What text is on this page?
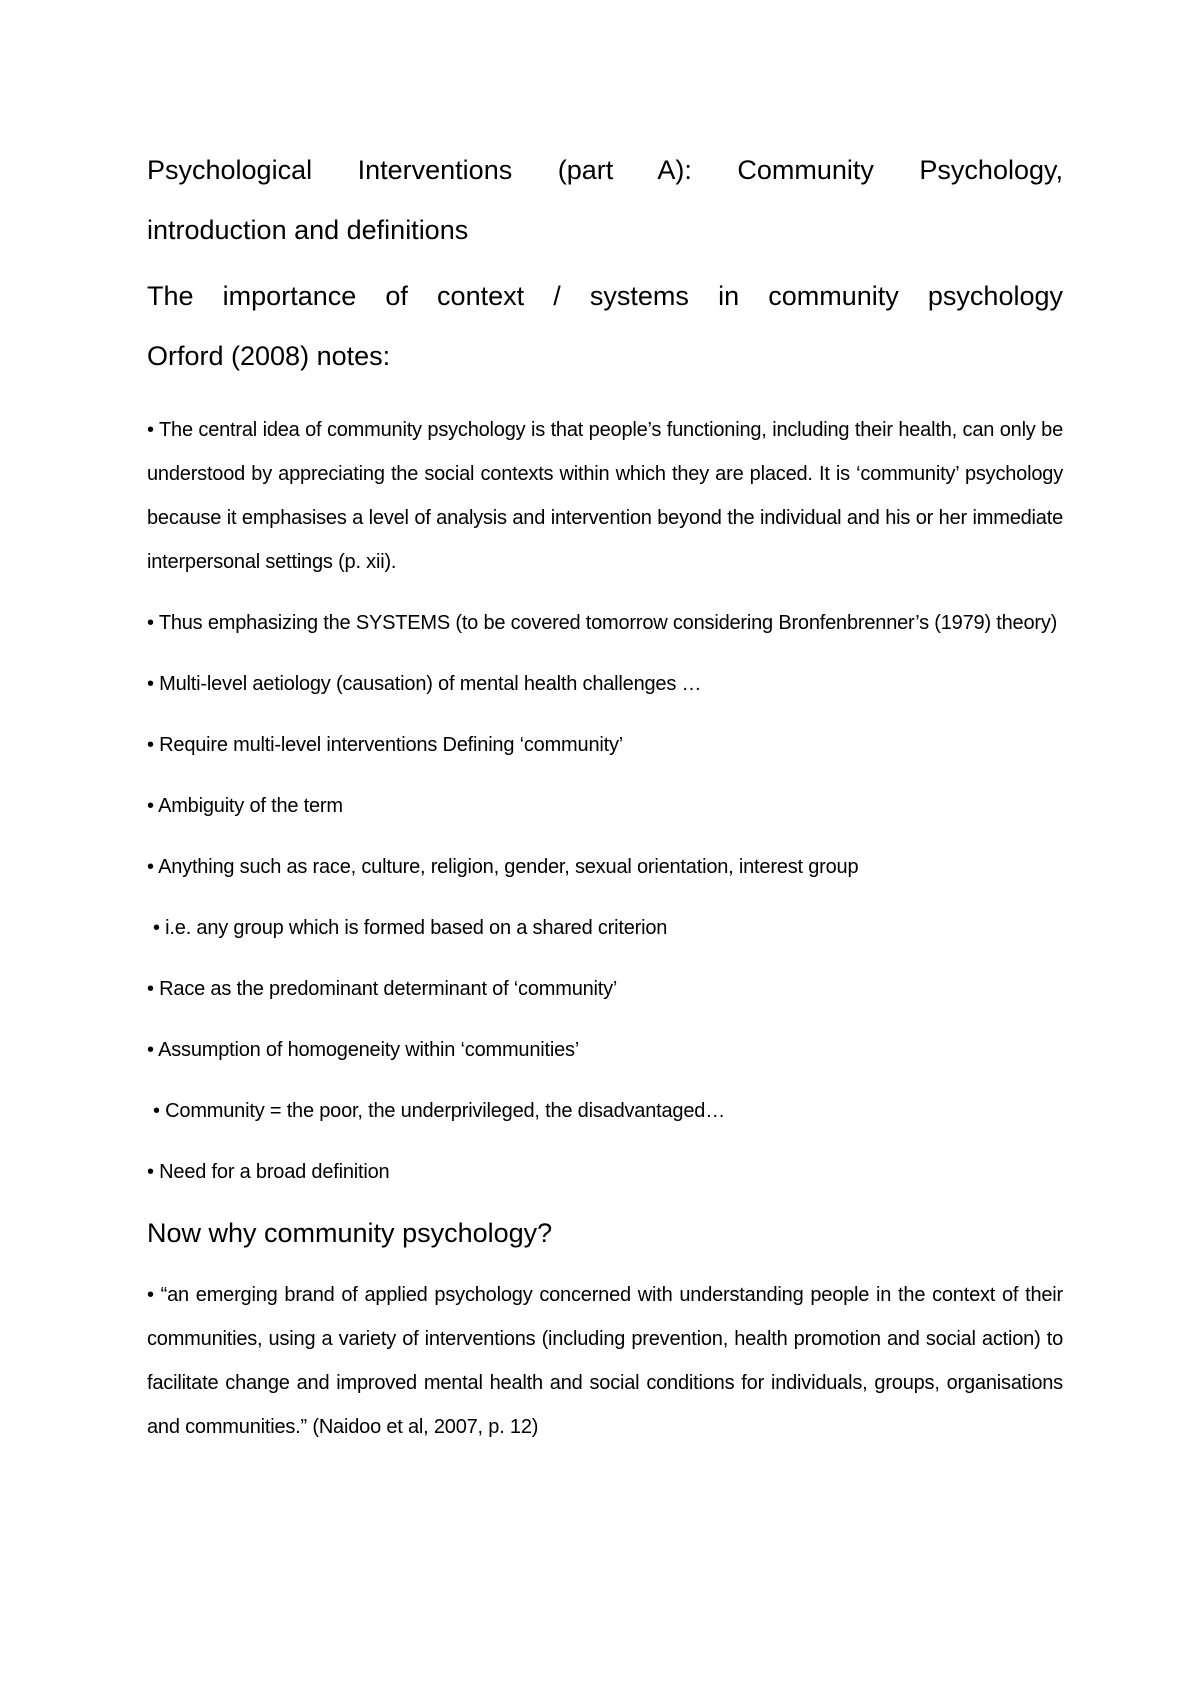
Psychological Interventions (part A): Community Psychology,
introduction and definitions
The importance of context / systems in community psychology
Orford (2008) notes:
• The central idea of community psychology is that people’s functioning, including their health, can only be understood by appreciating the social contexts within which they are placed. It is ‘community’ psychology because it emphasises a level of analysis and intervention beyond the individual and his or her immediate interpersonal settings (p. xii).
• Thus emphasizing the SYSTEMS (to be covered tomorrow considering Bronfenbrenner’s (1979) theory)
• Multi-level aetiology (causation) of mental health challenges …
• Require multi-level interventions Defining ‘community’
• Ambiguity of the term
• Anything such as race, culture, religion, gender, sexual orientation, interest group
• i.e. any group which is formed based on a shared criterion
• Race as the predominant determinant of ‘community’
• Assumption of homogeneity within ‘communities’
• Community = the poor, the underprivileged, the disadvantaged…
• Need for a broad definition
Now why community psychology?
• “an emerging brand of applied psychology concerned with understanding people in the context of their communities, using a variety of interventions (including prevention, health promotion and social action) to facilitate change and improved mental health and social conditions for individuals, groups, organisations and communities.” (Naidoo et al, 2007, p. 12)
